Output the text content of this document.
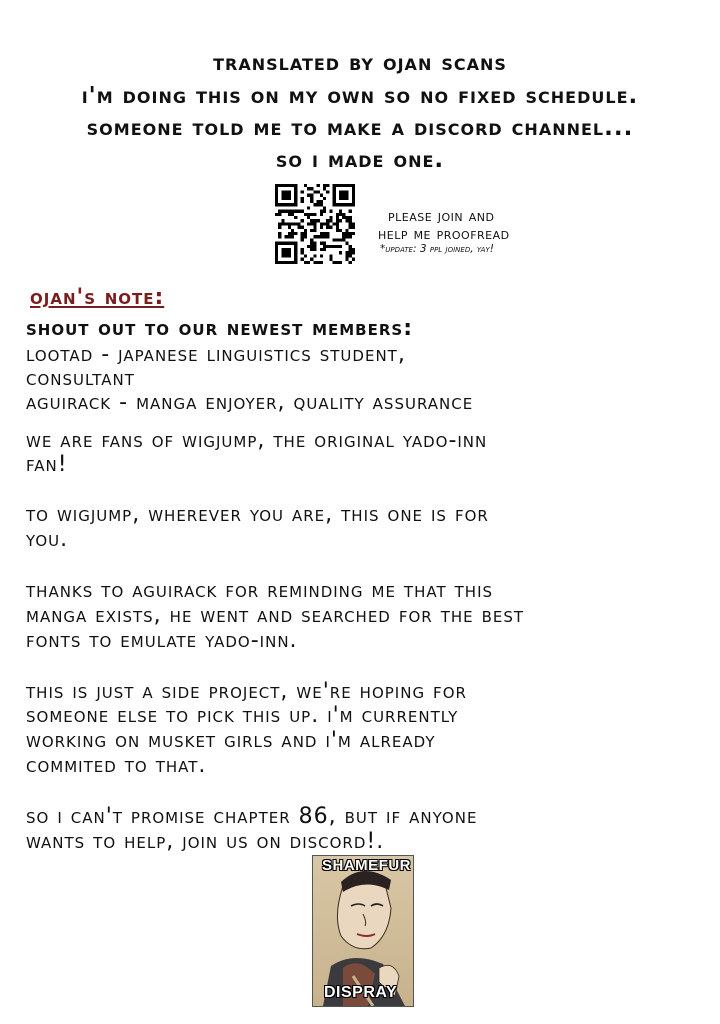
translated by ojan scans
i'm doing this on my own so no fixed schedule.
someone told me to make a discord channel...
so i made one.
please join and
help me proofread
*update: 3 ppl joined, yay!
ojan's note:
shout out to our newest members:
lootad - japanese linguistics student,
consultant
aguirack - manga enjoyer, quality assurance
we are fans of wigjump, the original yado-inn
fan!
to wigjump, wherever you are, this one is for
you.
thanks to aguirack for reminding me that this
manga exists, he went and searched for the best
fonts to emulate yado-inn.
this is just a side project, we're hoping for
someone else to pick this up. i'm currently
working on musket girls and i'm already
commited to that.
so i can't promise chapter 86, but if anyone
wants to help, join us on discord!.
SHAMEFUR
DISPRAY
